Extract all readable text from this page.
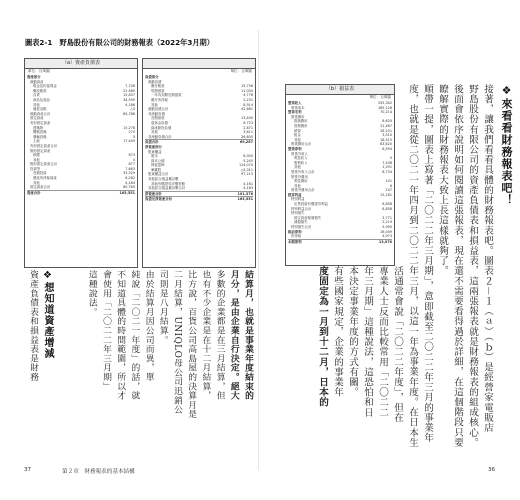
圖表2-1　野島股份有限公司的財務報表（2022年3月期）
（a）資產負債表
單位：百萬圓
資產部分
流動資產
現金及約當現金	7,706
應收帳款	22,460
存貨	15,837
商品及產品	34,599
其他	4,186
備抵呆帳	△3
流動資產合計	84,786
固定資產
有形固定資產
建築物	15,278
機械設備	270
運輸設備	5
土地	17,449
有形固定資產合計
無形固定資產
軟體	873
其他	4
無形固定資產合計	877
投資等	7,663
長期投資	33,329
遞延所得稅資產	6,262
其他	4,184
固定資產合計	80,765
資產合計	165,551
單位：百萬圓
負債部分
流動負債
應付帳款	15,758
短期借款	11,000
一年內到期長期借款	4,776
應付所得稅	2,231
其他	8,914
流動負債合計	42,681
非流動負債
長期借款	13,400
退休金負債	6,723
資產除役負債	2,871
其他	3,611
非流動負債合計	26,605
負債合計	69,287
淨資產部分
股東權益
股本	8,000
資本公積	5,245
保留盈餘	114,070
庫藏股	△5,011
股東權益合計	97,213
其他綜合損益累計數
其他有價證券評價差額	4,161
其他綜合損益累計數合計	4,163
淨資產合計	101,376
負債及淨資產合計	165,551
結算月，也就是事業年度結束的
月分，是由企業自行決定。絕大
多數的企業都是在三月結算，但
也有不少企業是在十二月結算，
比方說，百貨公司高島屋的決算月是
二月結算，UNIQLO母公司迅銷公
司則是八月結算。
由於結算月因公司而異，單
純說「二〇二一年度」的話，就
不知道具體的時間範圍，所以才
會使用「二〇二二年三月期」
這種說法。
❖想知道資產增減
資產負債表和損益表是財務
（b）損益表
單位：百萬圓
營業收入	255,342
營業成本	185,128
營業毛利	70,214
營業費用
推銷費用	8,620
管理費用	21,467
薪資	28,101
租金	3,510
其他	18,515
營業費用合計	63,620
營業淨利	6,594
營業外收入
利息收入	5
股利收入	7,438
其他	1,291
營業外收入合計	8,734
營業外費用
利息費用	141
其他	6
營業外費用合計	147
經常利益	15,181
特別利益
出售投資有價證券利益	8,858
特別利益合計	8,858
特別損失
固定資產報廢損失	3,771
減損損失	2,219
特別損失合計	5,990
稅前淨利	18,049
所得稅	4,973
本期淨利	13,076
❖來看看財務報表吧！
接著，讓我們看看具體的財務報表吧。圖表２－１（ａ）（ｂ）是經營家電販店
野島股份有限公司的資產負債表和損益表，這兩張報表就是財務報表的組成核心。
後面會依序說明如何閱讀這張報表，現在還不需要看得過於詳細，在這個階段只要
瞭解實際的財務報表大致上長這樣就夠了。
順帶一提，圖表上寫著「二〇二二年三月期」，意即截至二〇二二年三月的事業年
度，也就是從二〇二一年四月到二〇二二年三月，以這一年為事業年度。在日本生
活通常會說「二〇二二年度」，但在
專業人士反而比較常用「二〇二二
年三月期」這種說法，這恐怕和日
本決定事業年度的方式有關。
有些國家規定，企業的事業年
度固定為一月到十二月，日本的
37	第２章　財務報表的基本結構	36
